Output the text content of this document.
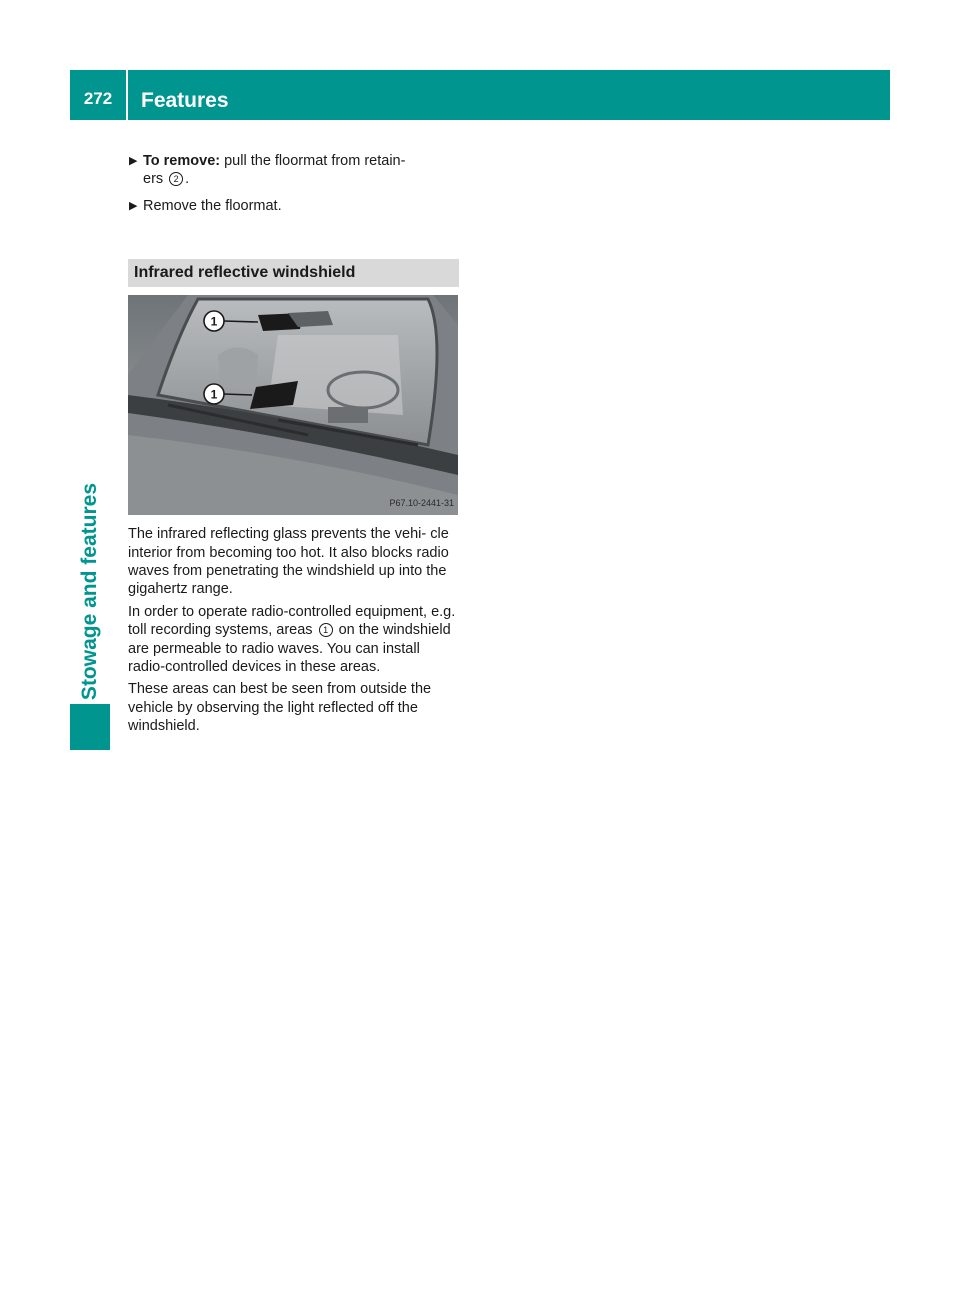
272	Features
Stowage and features
▶ To remove: pull the floormat from retain-
ers 2 .
▶ Remove the floormat.
Infrared reflective windshield
1
1
P67.10-2441-31

The infrared reflecting glass prevents the vehi- cle interior from becoming too hot. It also blocks radio waves from penetrating the windshield up into the gigahertz range.

In order to operate radio-controlled equipment, e.g. toll recording systems, areas 1 on the windshield are permeable to radio waves. You can install radio-controlled devices in these areas.

These areas can best be seen from outside the vehicle by observing the light reflected off the windshield.
